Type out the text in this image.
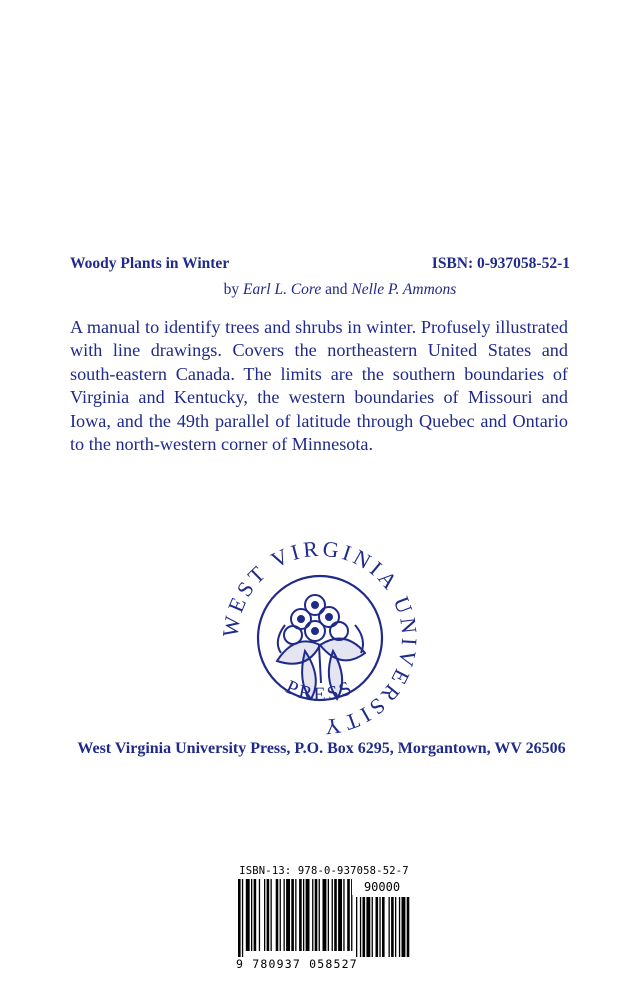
Woody Plants in Winter	ISBN: 0-937058-52-1
by Earl L. Core and Nelle P. Ammons

A manual to identify trees and shrubs in winter. Profusely illustrated with line drawings. Covers the northeastern United States and south-eastern Canada. The limits are the southern boundaries of Virginia and Kentucky, the western boundaries of Missouri and Iowa, and the 49th parallel of latitude through Quebec and Ontario to the north-western corner of Minnesota.

WEST VIRGINIA UNIVERSITY
PRESS
West Virginia University Press, P.O. Box 6295, Morgantown, WV 26506
ISBN-13: 978-0-937058-52-7
90000
9 780937 058527
